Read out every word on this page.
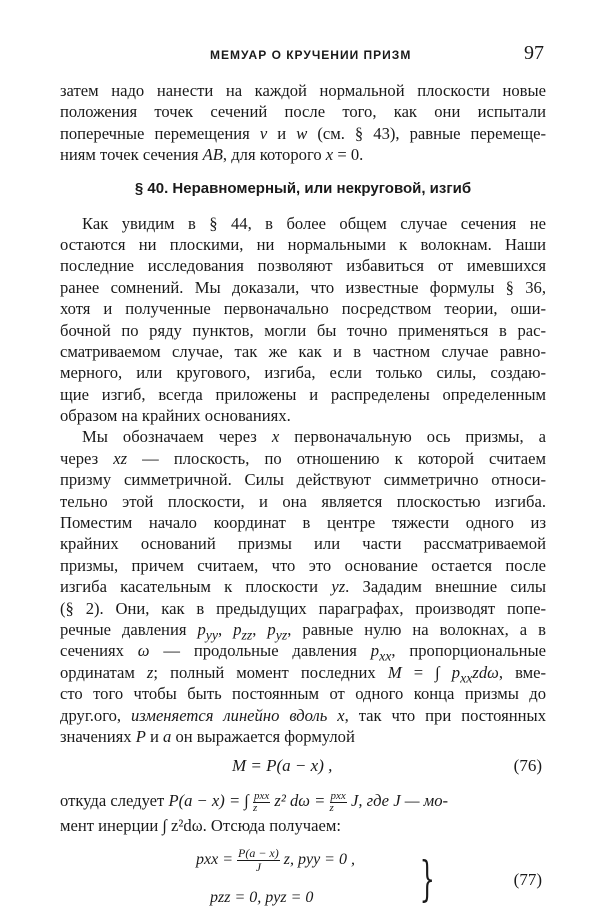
МЕМУАР О КРУЧЕНИИ ПРИЗМ	97
затем надо нанести на каждой нормальной плоскости новые
положения точек сечений после того, как они испытали
поперечные перемещения v и w (см. § 43), равные перемеще-
ниям точек сечения AB, для которого x = 0.
§ 40. Неравномерный, или некруговой, изгиб
Как увидим в § 44, в более общем случае сечения не
остаются ни плоскими, ни нормальными к волокнам. Наши
последние исследования позволяют избавиться от имевшихся
ранее сомнений. Мы доказали, что известные формулы § 36,
хотя и полученные первоначально посредством теории, оши-
бочной по ряду пунктов, могли бы точно применяться в рас-
сматриваемом случае, так же как и в частном случае равно-
мерного, или кругового, изгиба, если только силы, создаю-
щие изгиб, всегда приложены и распределены определенным
образом на крайних основаниях.
Мы обозначаем через x первоначальную ось призмы, а
через xz — плоскость, по отношению к которой считаем
призму симметричной. Силы действуют симметрично относи-
тельно этой плоскости, и она является плоскостью изгиба.
Поместим начало координат в центре тяжести одного из
крайних оснований призмы или части рассматриваемой
призмы, причем считаем, что это основание остается после
изгиба касательным к плоскости yz. Зададим внешние силы
(§ 2). Они, как в предыдущих параграфах, производят попе-
речные давления $p_{yy}$, $p_{zz}$, $p_{yz}$, равные нулю на волокнах, а в
сечениях ω — продольные давления $p_{xx}$, пропорциональные
ординатам z; полный момент последних M = ∫ $p_{xx}zd\omega$, вме-
сто того чтобы быть постоянным от одного конца призмы до
друг.ого, изменяется линейно вдоль x, так что при постоянных
значениях P и a он выражается формулой
M = P(a − x) ,	(76)
откуда следует P(a − x) = ∫ $\frac{\text{pxx}}{z} z^2$ $d\omega = \frac{\text{pxx}}{z} J$, где J — мо-
мент инерции ∫ z²dω. Отсюда получаем:
pxx = $\frac{P(a - x)}{J} z$, pyy = 0 ,
pzz = 0, pyz = 0 }	(77)
